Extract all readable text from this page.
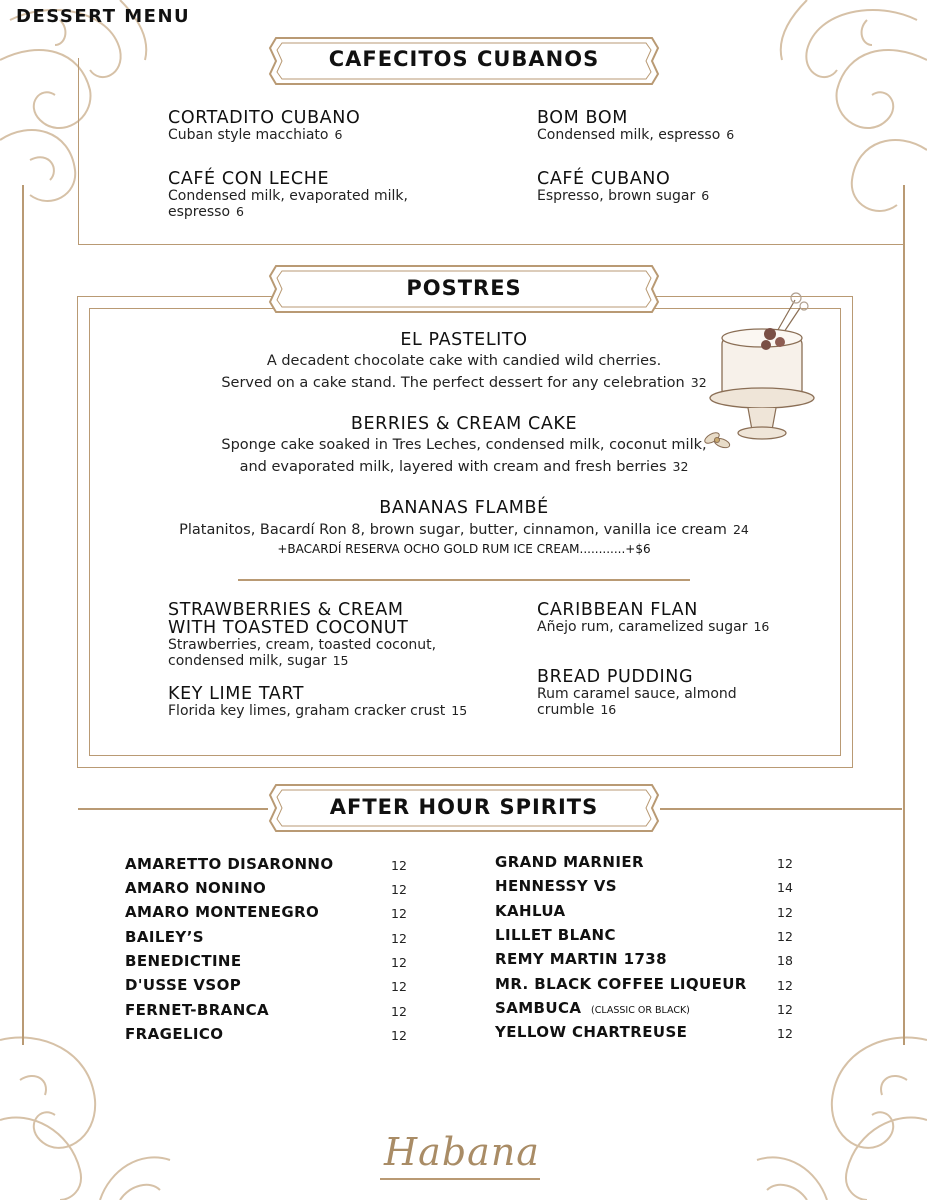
DESSERT MENU
CAFECITOS CUBANOS
CORTADITO CUBANO
Cuban style macchiato 6
BOM BOM
Condensed milk, espresso 6
CAFÉ CON LECHE
Condensed milk, evaporated milk,
espresso 6
CAFÉ CUBANO
Espresso, brown sugar 6
POSTRES
EL PASTELITO
A decadent chocolate cake with candied wild cherries.
Served on a cake stand. The perfect dessert for any celebration 32
BERRIES & CREAM CAKE
Sponge cake soaked in Tres Leches, condensed milk, coconut milk,
and evaporated milk, layered with cream and fresh berries 32
BANANAS FLAMBÉ
Platanitos, Bacardí Ron 8, brown sugar, butter, cinnamon, vanilla ice cream 24
+BACARDÍ RESERVA OCHO GOLD RUM ICE CREAM............+$6
STRAWBERRIES & CREAM
WITH TOASTED COCONUT
Strawberries, cream, toasted coconut,
condensed milk, sugar 15
CARIBBEAN FLAN
Añejo rum, caramelized sugar 16
KEY LIME TART
Florida key limes, graham cracker crust 15
BREAD PUDDING
Rum caramel sauce, almond
crumble 16
AFTER HOUR SPIRITS
AMARETTO DISARONNO	12
AMARO NONINO	12
AMARO MONTENEGRO	12
BAILEY’S	12
BENEDICTINE	12
D'USSE VSOP	12
FERNET-BRANCA	12
FRAGELICO	12
GRAND MARNIER	12
HENNESSY VS	14
KAHLUA	12
LILLET BLANC	12
REMY MARTIN 1738	18
MR. BLACK COFFEE LIQUEUR 12
SAMBUCA (CLASSIC OR BLACK)	12
YELLOW CHARTREUSE	12
Habana
